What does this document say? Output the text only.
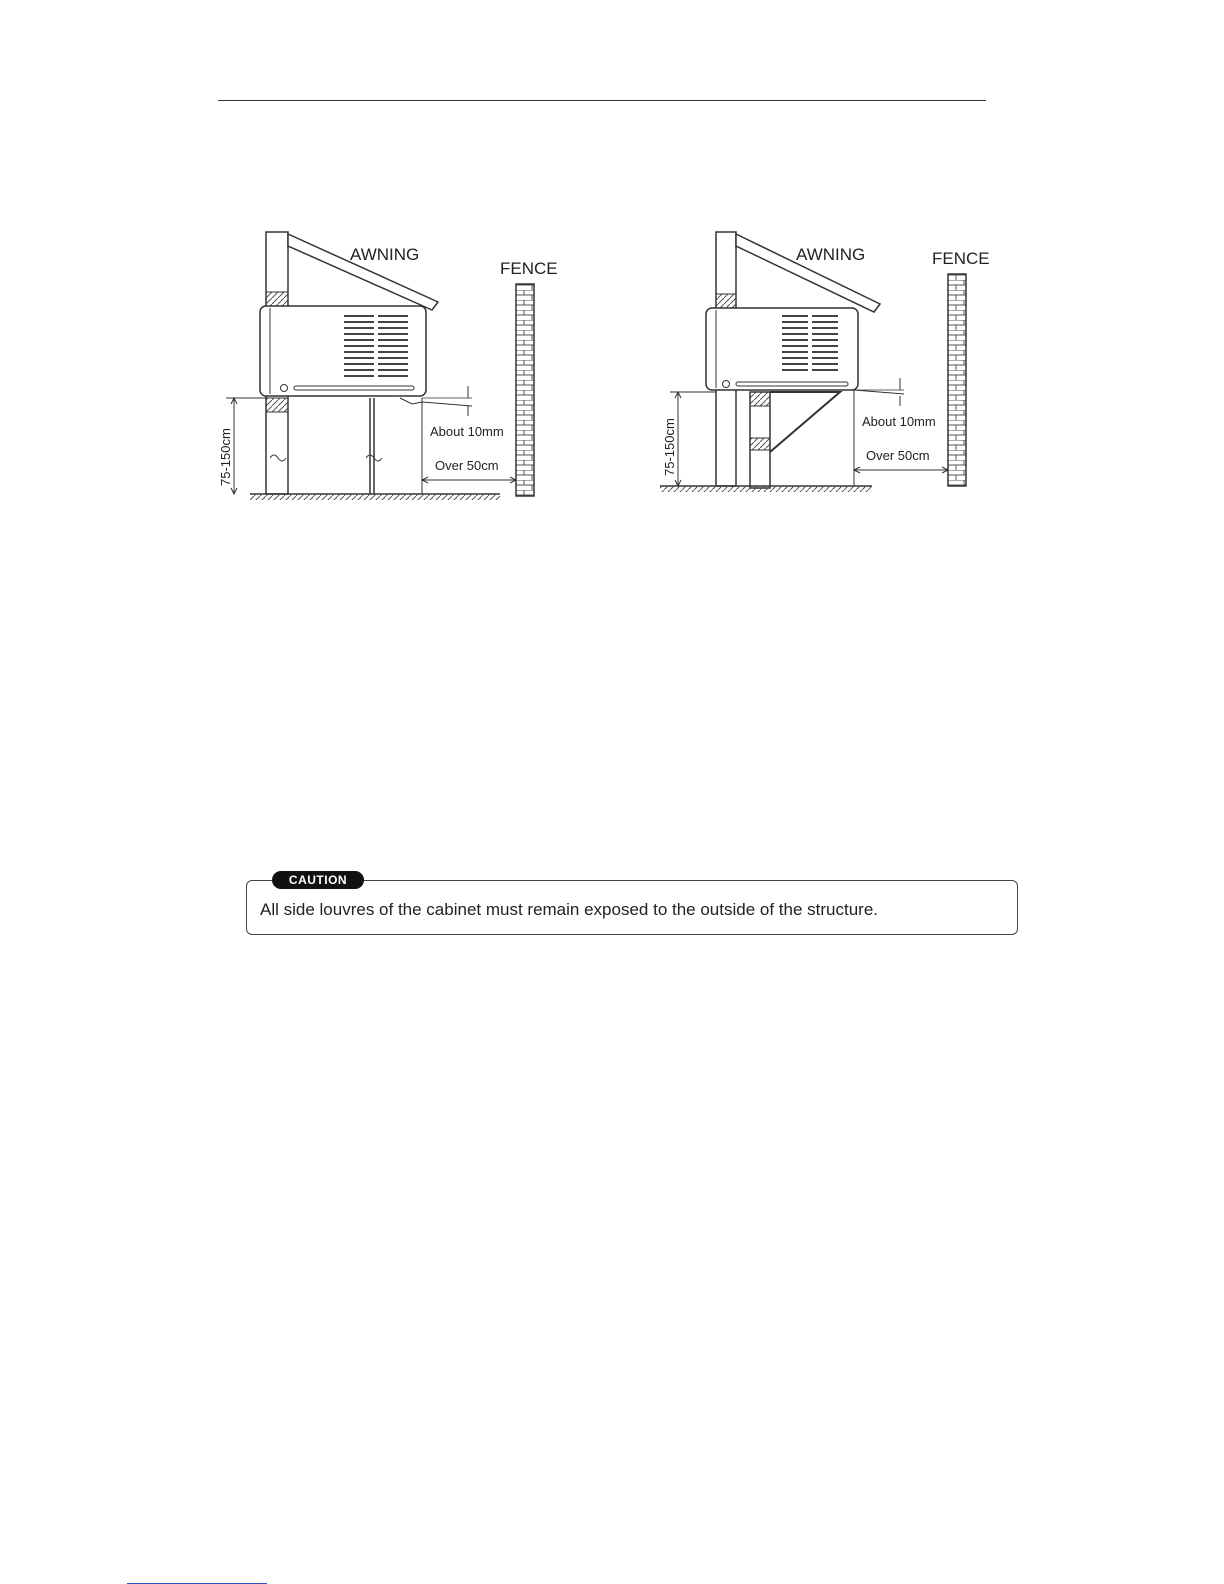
AWNING
FENCE
75-150cm	About 10mm
Over 50cm
AWNING	FENCE
75-150cm	About 10mm
Over 50cm
CAUTION
All side louvres of the cabinet must remain exposed to the outside of the structure.
